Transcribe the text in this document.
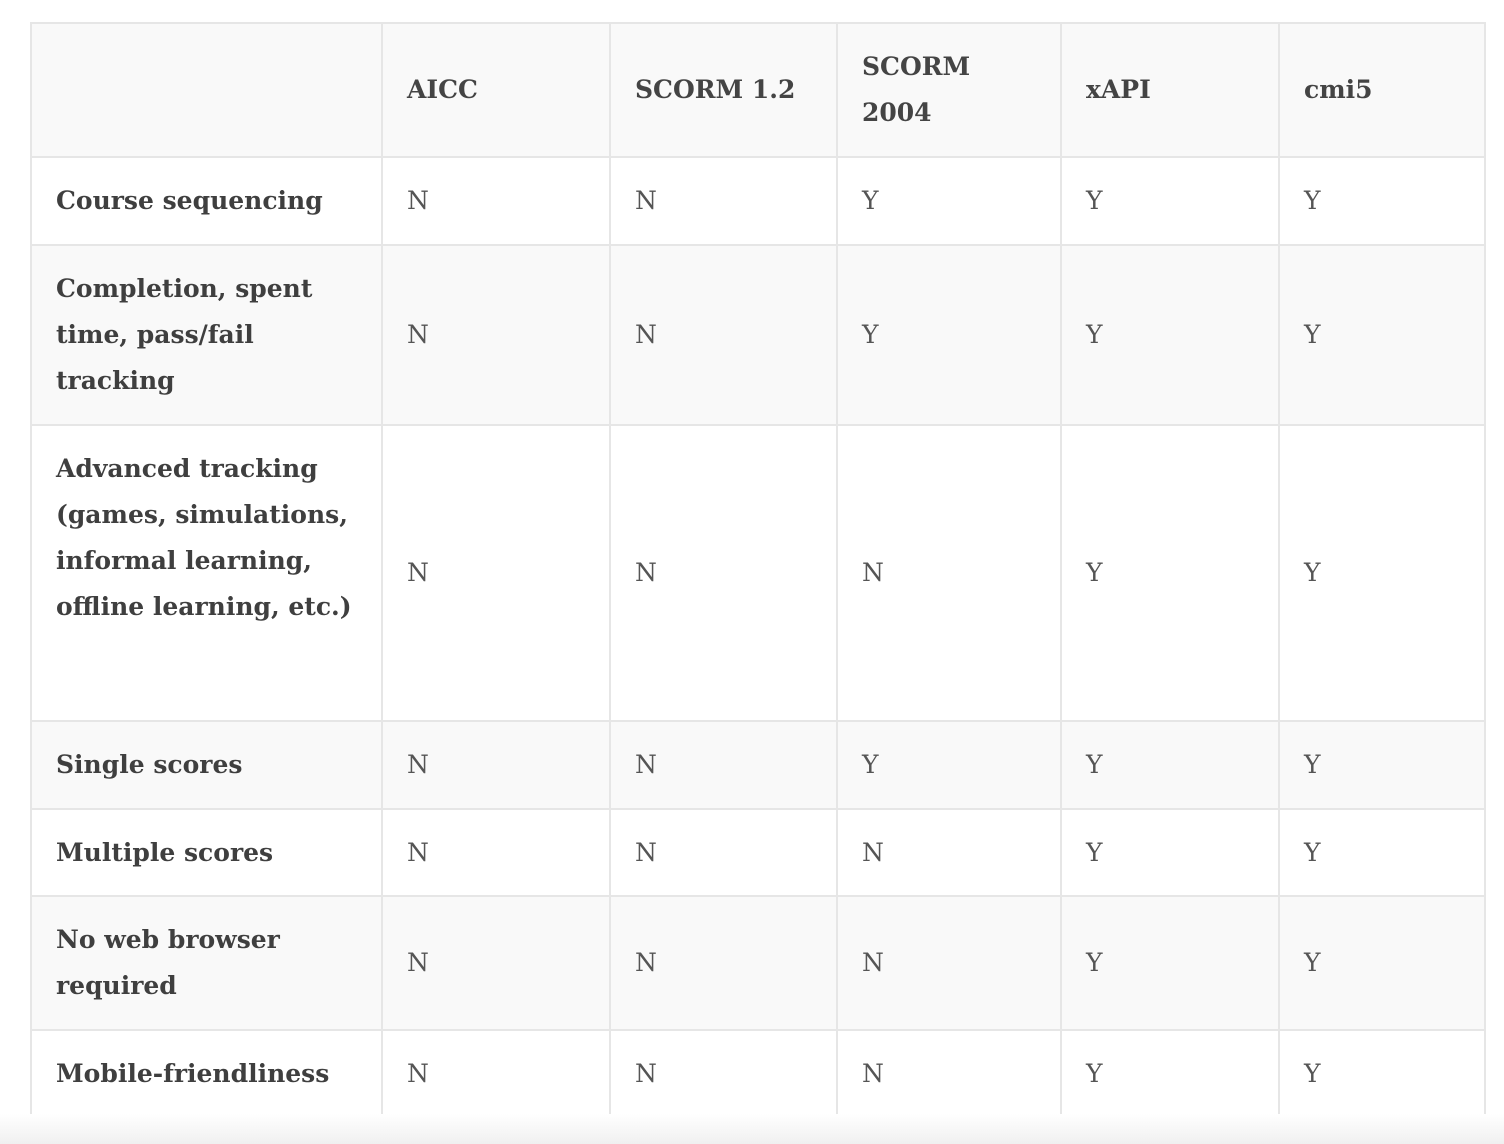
	AICC	SCORM 1.2	SCORM 2004	xAPI	cmi5
Course sequencing	N	N	Y	Y	Y
Completion, spent time, pass/fail tracking	N	N	Y	Y	Y
Advanced tracking (games, simulations, informal learning, offline learning, etc.)	N	N	N	Y	Y
Single scores	N	N	Y	Y	Y
Multiple scores	N	N	N	Y	Y
No web browser required	N	N	N	Y	Y
Mobile-friendliness	N	N	N	Y	Y
